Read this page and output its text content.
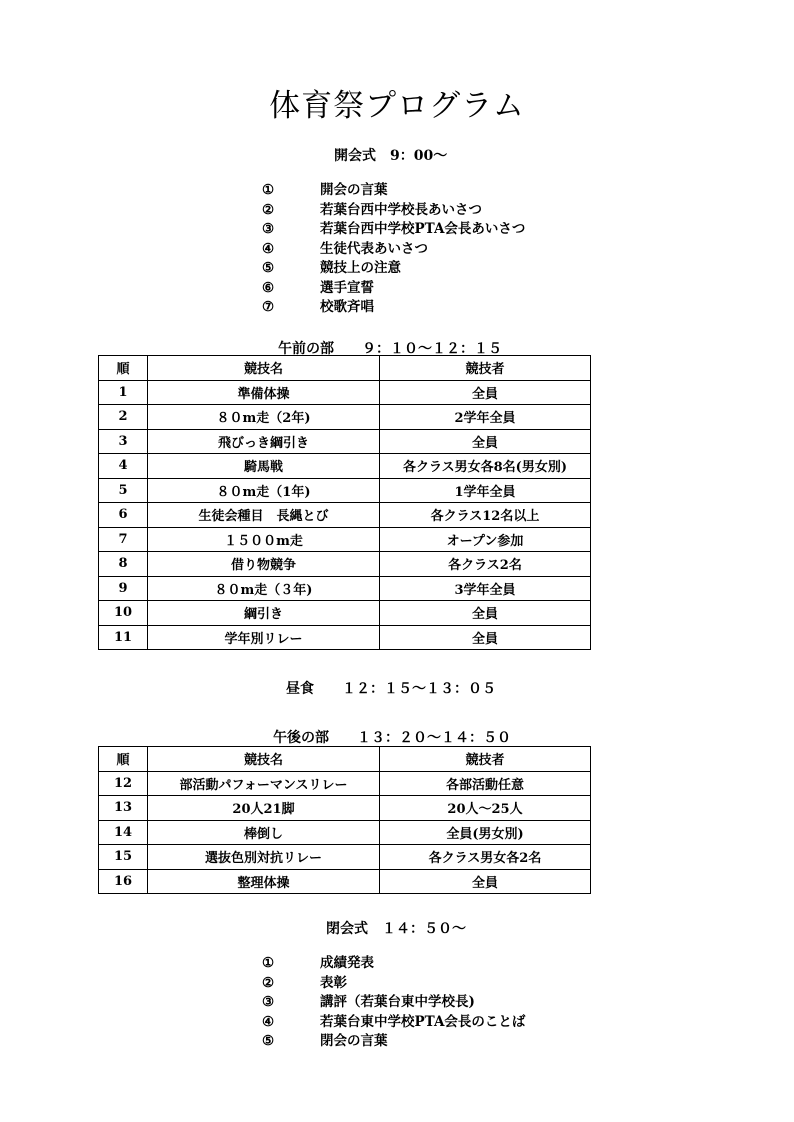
体育祭プログラム
開会式　9：00～
①	開会の言葉
②	若葉台西中学校長あいさつ
③	若葉台西中学校PTA会長あいさつ
④	生徒代表あいさつ
⑤	競技上の注意
⑥	選手宣誓
⑦	校歌斉唱
午前の部　　９：１０～１２：１５
順	競技名	競技者
1	準備体操	全員
2	８０m走（2年)	2学年全員
3	飛びっき綱引き	全員
4	騎馬戦	各クラス男女各8名(男女別)
5	８０m走（1年)	1学年全員
6	生徒会種目　長縄とび	各クラス12名以上
7	１５００m走	オープン参加
8	借り物競争	各クラス2名
9	８０m走（３年)	3学年全員
10	綱引き	全員
11	学年別リレー	全員
昼食　　１２：１５～１３：０５
午後の部　　１３：２０～１４：５０
順	競技名	競技者
12	部活動パフォーマンスリレー	各部活動任意
13	20人21脚	20人～25人
14	棒倒し	全員(男女別)
15	選抜色別対抗リレー	各クラス男女各2名
16	整理体操	全員
閉会式　１４：５０～
①	成績発表
②	表彰
③	講評（若葉台東中学校長)
④	若葉台東中学校PTA会長のことば
⑤	閉会の言葉
